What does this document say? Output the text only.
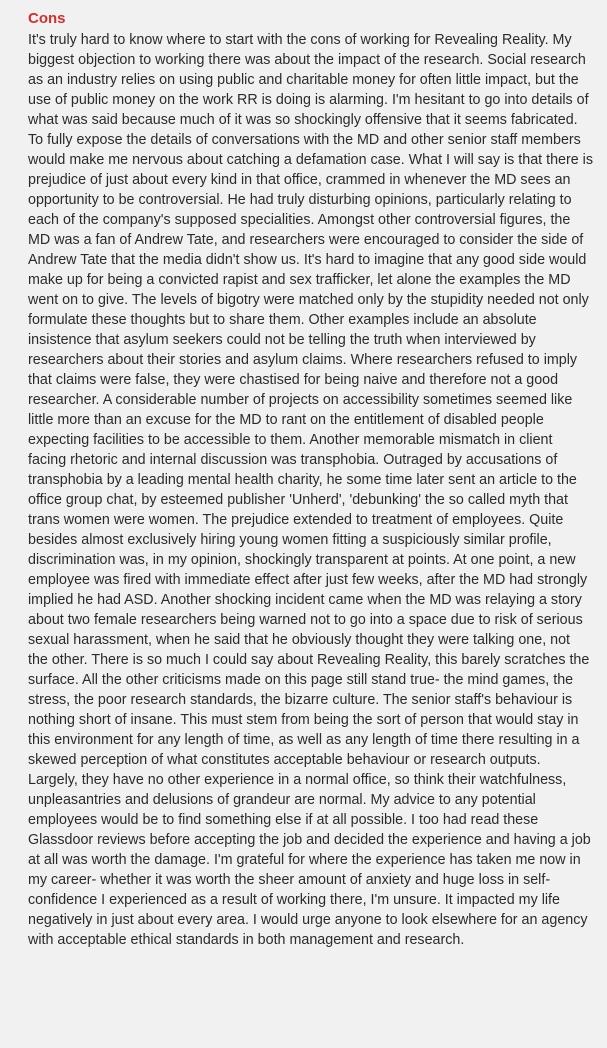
Cons

It's truly hard to know where to start with the cons of working for Revealing Reality. My biggest objection to working there was about the impact of the research. Social research as an industry relies on using public and charitable money for often little impact, but the use of public money on the work RR is doing is alarming. I'm hesitant to go into details of what was said because much of it was so shockingly offensive that it seems fabricated. To fully expose the details of conversations with the MD and other senior staff members would make me nervous about catching a defamation case. What I will say is that there is prejudice of just about every kind in that office, crammed in whenever the MD sees an opportunity to be controversial. He had truly disturbing opinions, particularly relating to each of the company's supposed specialities. Amongst other controversial figures, the MD was a fan of Andrew Tate, and researchers were encouraged to consider the side of Andrew Tate that the media didn't show us. It's hard to imagine that any good side would make up for being a convicted rapist and sex trafficker, let alone the examples the MD went on to give. The levels of bigotry were matched only by the stupidity needed not only formulate these thoughts but to share them. Other examples include an absolute insistence that asylum seekers could not be telling the truth when interviewed by researchers about their stories and asylum claims. Where researchers refused to imply that claims were false, they were chastised for being naive and therefore not a good researcher. A considerable number of projects on accessibility sometimes seemed like little more than an excuse for the MD to rant on the entitlement of disabled people expecting facilities to be accessible to them. Another memorable mismatch in client facing rhetoric and internal discussion was transphobia. Outraged by accusations of transphobia by a leading mental health charity, he some time later sent an article to the office group chat, by esteemed publisher 'Unherd', 'debunking' the so called myth that trans women were women. The prejudice extended to treatment of employees. Quite besides almost exclusively hiring young women fitting a suspiciously similar profile, discrimination was, in my opinion, shockingly transparent at points. At one point, a new employee was fired with immediate effect after just few weeks, after the MD had strongly implied he had ASD. Another shocking incident came when the MD was relaying a story about two female researchers being warned not to go into a space due to risk of serious sexual harassment, when he said that he obviously thought they were talking one, not the other. There is so much I could say about Revealing Reality, this barely scratches the surface. All the other criticisms made on this page still stand true- the mind games, the stress, the poor research standards, the bizarre culture. The senior staff's behaviour is nothing short of insane. This must stem from being the sort of person that would stay in this environment for any length of time, as well as any length of time there resulting in a skewed perception of what constitutes acceptable behaviour or research outputs. Largely, they have no other experience in a normal office, so think their watchfulness, unpleasantries and delusions of grandeur are normal. My advice to any potential employees would be to find something else if at all possible. I too had read these Glassdoor reviews before accepting the job and decided the experience and having a job at all was worth the damage. I'm grateful for where the experience has taken me now in my career- whether it was worth the sheer amount of anxiety and huge loss in self-confidence I experienced as a result of working there, I'm unsure. It impacted my life negatively in just about every area. I would urge anyone to look elsewhere for an agency with acceptable ethical standards in both management and research.
